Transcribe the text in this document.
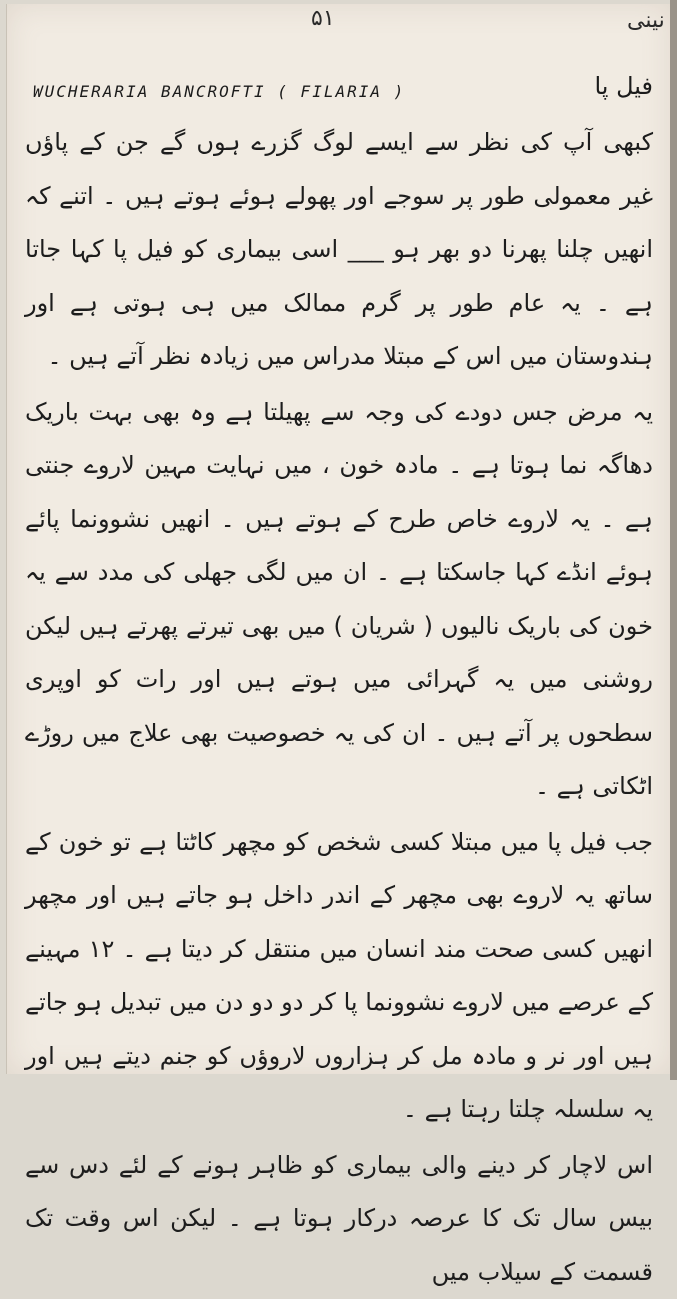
۵۱	نینی
WUCHERARIA BANCROFTI ( FILARIA )	فیل پا

کبھی آپ کی نظر سے ایسے لوگ گزرے ہوں گے جن کے پاؤں غیر معمولی طور پر سوجے اور پھولے ہوئے ہوتے ہیں ۔ اتنے کہ انھیں چلنا پھرنا دو بھر ہو ___ اسی بیماری کو فیل پا کہا جاتا ہے ۔ یہ عام طور پر گرم ممالک میں ہی ہوتی ہے اور ہندوستان میں اس کے مبتلا مدراس میں زیادہ نظر آتے ہیں ۔

یہ مرض جس دودے کی وجہ سے پھیلتا ہے وہ بھی بہت باریک دھاگہ نما ہوتا ہے ۔ مادہ خون ، میں نہایت مہین لاروے جنتی ہے ۔ یہ لاروے خاص طرح کے ہوتے ہیں ۔ انھیں نشوونما پائے ہوئے انڈے کہا جاسکتا ہے ۔ ان میں لگی جھلی کی مدد سے یہ خون کی باریک نالیوں ( شریان ) میں بھی تیرتے پھرتے ہیں لیکن روشنی میں یہ گہرائی میں ہوتے ہیں اور رات کو اوپری سطحوں پر آتے ہیں ۔ ان کی یہ خصوصیت بھی علاج میں روڑے اٹکاتی ہے ۔

جب فیل پا میں مبتلا کسی شخص کو مچھر کاٹتا ہے تو خون کے ساتھ یہ لاروے بھی مچھر کے اندر داخل ہو جاتے ہیں اور مچھر انھیں کسی صحت مند انسان میں منتقل کر دیتا ہے ۔ ۱۲ مہینے کے عرصے میں لاروے نشوونما پا کر دو دو دن میں تبدیل ہو جاتے ہیں اور نر و مادہ مل کر ہزاروں لاروؤں کو جنم دیتے ہیں اور یہ سلسلہ چلتا رہتا ہے ۔

اس لاچار کر دینے والی بیماری کو ظاہر ہونے کے لئے دس سے بیس سال تک کا عرصہ درکار ہوتا ہے ۔ لیکن اس وقت تک قسمت کے سیلاب میں
